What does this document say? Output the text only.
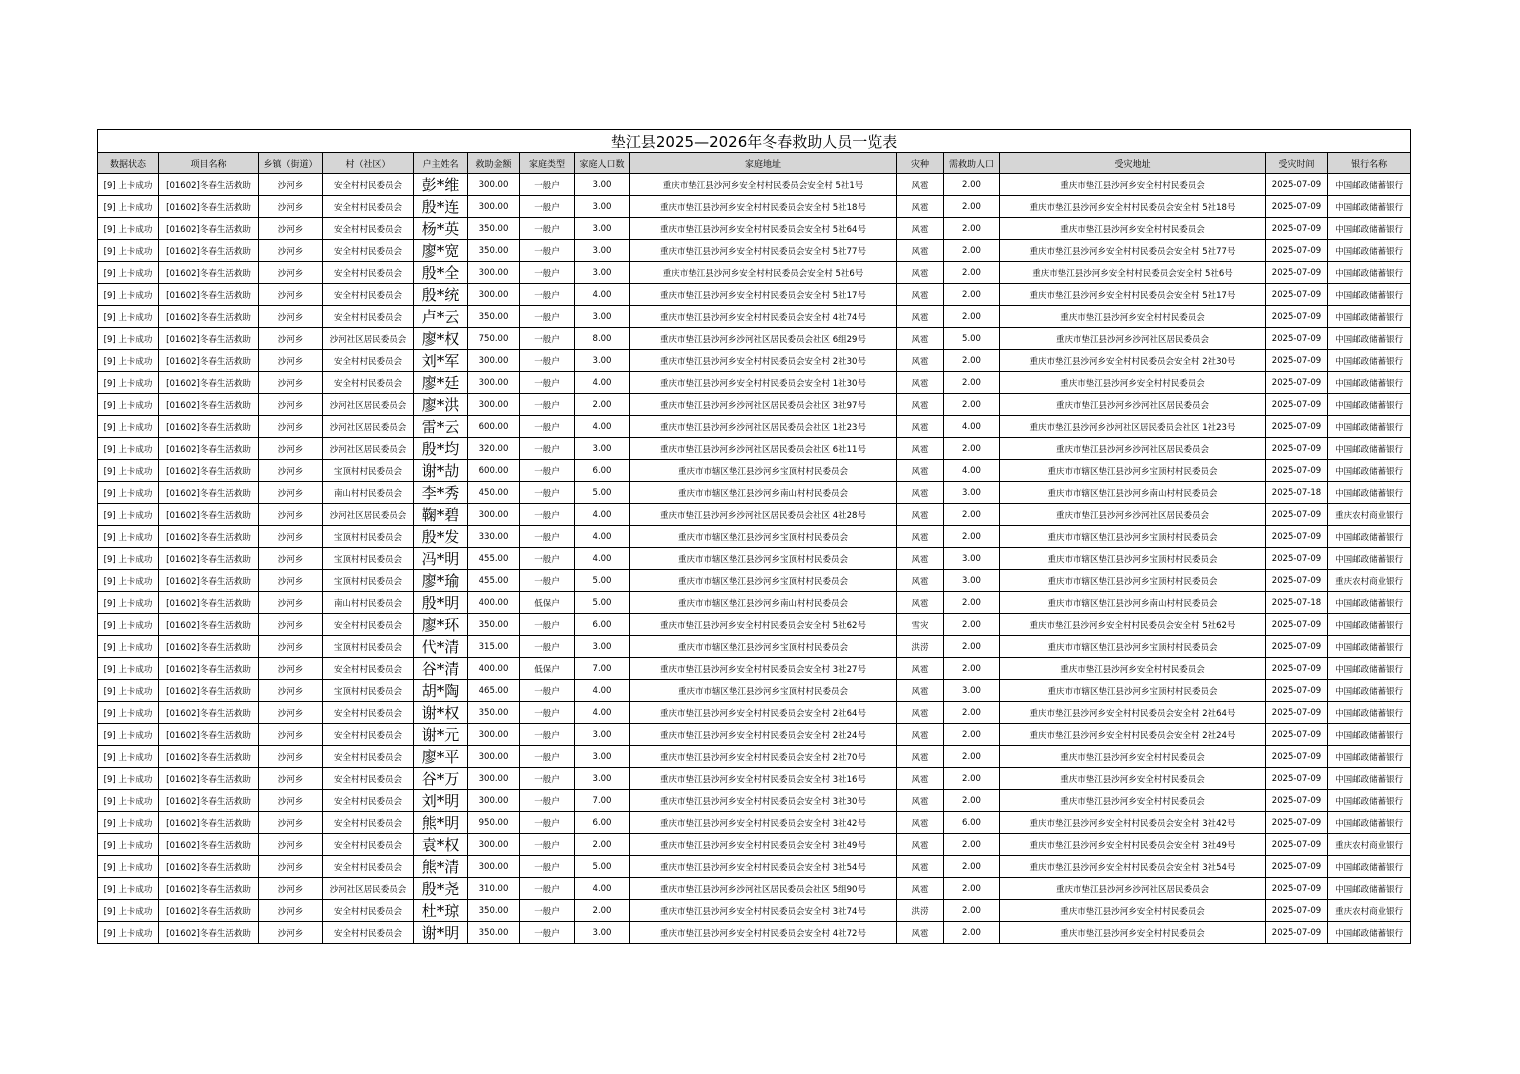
垫江县2025—2026年冬春救助人员一览表													
数据状态	项目名称	乡镇（街道）	村（社区）	户主姓名	救助金额	家庭类型	家庭人口数	家庭地址	灾种	需救助人口	受灾地址	受灾时间	银行名称
[9] 上卡成功	[01602]冬春生活救助	沙河乡	安全村村民委员会	彭*维	300.00	一般户	3.00	重庆市垫江县沙河乡安全村村民委员会安全村 5社1号	风雹	2.00	重庆市垫江县沙河乡安全村村民委员会	2025-07-09	中国邮政储蓄银行
[9] 上卡成功	[01602]冬春生活救助	沙河乡	安全村村民委员会	殷*连	300.00	一般户	3.00	重庆市垫江县沙河乡安全村村民委员会安全村 5社18号	风雹	2.00	重庆市垫江县沙河乡安全村村民委员会安全村 5社18号	2025-07-09	中国邮政储蓄银行
[9] 上卡成功	[01602]冬春生活救助	沙河乡	安全村村民委员会	杨*英	350.00	一般户	3.00	重庆市垫江县沙河乡安全村村民委员会安全村 5社64号	风雹	2.00	重庆市垫江县沙河乡安全村村民委员会	2025-07-09	中国邮政储蓄银行
[9] 上卡成功	[01602]冬春生活救助	沙河乡	安全村村民委员会	廖*宽	350.00	一般户	3.00	重庆市垫江县沙河乡安全村村民委员会安全村 5社77号	风雹	2.00	重庆市垫江县沙河乡安全村村民委员会安全村 5社77号	2025-07-09	中国邮政储蓄银行
[9] 上卡成功	[01602]冬春生活救助	沙河乡	安全村村民委员会	殷*全	300.00	一般户	3.00	重庆市垫江县沙河乡安全村村民委员会安全村 5社6号	风雹	2.00	重庆市垫江县沙河乡安全村村民委员会安全村 5社6号	2025-07-09	中国邮政储蓄银行
[9] 上卡成功	[01602]冬春生活救助	沙河乡	安全村村民委员会	殷*统	300.00	一般户	4.00	重庆市垫江县沙河乡安全村村民委员会安全村 5社17号	风雹	2.00	重庆市垫江县沙河乡安全村村民委员会安全村 5社17号	2025-07-09	中国邮政储蓄银行
[9] 上卡成功	[01602]冬春生活救助	沙河乡	安全村村民委员会	卢*云	350.00	一般户	3.00	重庆市垫江县沙河乡安全村村民委员会安全村 4社74号	风雹	2.00	重庆市垫江县沙河乡安全村村民委员会	2025-07-09	中国邮政储蓄银行
[9] 上卡成功	[01602]冬春生活救助	沙河乡	沙河社区居民委员会	廖*权	750.00	一般户	8.00	重庆市垫江县沙河乡沙河社区居民委员会社区 6组29号	风雹	5.00	重庆市垫江县沙河乡沙河社区居民委员会	2025-07-09	中国邮政储蓄银行
[9] 上卡成功	[01602]冬春生活救助	沙河乡	安全村村民委员会	刘*军	300.00	一般户	3.00	重庆市垫江县沙河乡安全村村民委员会安全村 2社30号	风雹	2.00	重庆市垫江县沙河乡安全村村民委员会安全村 2社30号	2025-07-09	中国邮政储蓄银行
[9] 上卡成功	[01602]冬春生活救助	沙河乡	安全村村民委员会	廖*廷	300.00	一般户	4.00	重庆市垫江县沙河乡安全村村民委员会安全村 1社30号	风雹	2.00	重庆市垫江县沙河乡安全村村民委员会	2025-07-09	中国邮政储蓄银行
[9] 上卡成功	[01602]冬春生活救助	沙河乡	沙河社区居民委员会	廖*洪	300.00	一般户	2.00	重庆市垫江县沙河乡沙河社区居民委员会社区 3社97号	风雹	2.00	重庆市垫江县沙河乡沙河社区居民委员会	2025-07-09	中国邮政储蓄银行
[9] 上卡成功	[01602]冬春生活救助	沙河乡	沙河社区居民委员会	雷*云	600.00	一般户	4.00	重庆市垫江县沙河乡沙河社区居民委员会社区 1社23号	风雹	4.00	重庆市垫江县沙河乡沙河社区居民委员会社区 1社23号	2025-07-09	中国邮政储蓄银行
[9] 上卡成功	[01602]冬春生活救助	沙河乡	沙河社区居民委员会	殷*均	320.00	一般户	3.00	重庆市垫江县沙河乡沙河社区居民委员会社区 6社11号	风雹	2.00	重庆市垫江县沙河乡沙河社区居民委员会	2025-07-09	中国邮政储蓄银行
[9] 上卡成功	[01602]冬春生活救助	沙河乡	宝顶村村民委员会	谢*劼	600.00	一般户	6.00	重庆市市辖区垫江县沙河乡宝顶村村民委员会	风雹	4.00	重庆市市辖区垫江县沙河乡宝顶村村民委员会	2025-07-09	中国邮政储蓄银行
[9] 上卡成功	[01602]冬春生活救助	沙河乡	南山村村民委员会	李*秀	450.00	一般户	5.00	重庆市市辖区垫江县沙河乡南山村村民委员会	风雹	3.00	重庆市市辖区垫江县沙河乡南山村村民委员会	2025-07-18	中国邮政储蓄银行
[9] 上卡成功	[01602]冬春生活救助	沙河乡	沙河社区居民委员会	鞠*碧	300.00	一般户	4.00	重庆市垫江县沙河乡沙河社区居民委员会社区 4社28号	风雹	2.00	重庆市垫江县沙河乡沙河社区居民委员会	2025-07-09	重庆农村商业银行
[9] 上卡成功	[01602]冬春生活救助	沙河乡	宝顶村村民委员会	殷*发	330.00	一般户	4.00	重庆市市辖区垫江县沙河乡宝顶村村民委员会	风雹	2.00	重庆市市辖区垫江县沙河乡宝顶村村民委员会	2025-07-09	中国邮政储蓄银行
[9] 上卡成功	[01602]冬春生活救助	沙河乡	宝顶村村民委员会	冯*明	455.00	一般户	4.00	重庆市市辖区垫江县沙河乡宝顶村村民委员会	风雹	3.00	重庆市市辖区垫江县沙河乡宝顶村村民委员会	2025-07-09	中国邮政储蓄银行
[9] 上卡成功	[01602]冬春生活救助	沙河乡	宝顶村村民委员会	廖*瑜	455.00	一般户	5.00	重庆市市辖区垫江县沙河乡宝顶村村民委员会	风雹	3.00	重庆市市辖区垫江县沙河乡宝顶村村民委员会	2025-07-09	重庆农村商业银行
[9] 上卡成功	[01602]冬春生活救助	沙河乡	南山村村民委员会	殷*明	400.00	低保户	5.00	重庆市市辖区垫江县沙河乡南山村村民委员会	风雹	2.00	重庆市市辖区垫江县沙河乡南山村村民委员会	2025-07-18	中国邮政储蓄银行
[9] 上卡成功	[01602]冬春生活救助	沙河乡	安全村村民委员会	廖*环	350.00	一般户	6.00	重庆市垫江县沙河乡安全村村民委员会安全村 5社62号	雪灾	2.00	重庆市垫江县沙河乡安全村村民委员会安全村 5社62号	2025-07-09	中国邮政储蓄银行
[9] 上卡成功	[01602]冬春生活救助	沙河乡	宝顶村村民委员会	代*清	315.00	一般户	3.00	重庆市市辖区垫江县沙河乡宝顶村村民委员会	洪涝	2.00	重庆市市辖区垫江县沙河乡宝顶村村民委员会	2025-07-09	中国邮政储蓄银行
[9] 上卡成功	[01602]冬春生活救助	沙河乡	安全村村民委员会	谷*清	400.00	低保户	7.00	重庆市垫江县沙河乡安全村村民委员会安全村 3社27号	风雹	2.00	重庆市垫江县沙河乡安全村村民委员会	2025-07-09	中国邮政储蓄银行
[9] 上卡成功	[01602]冬春生活救助	沙河乡	宝顶村村民委员会	胡*陶	465.00	一般户	4.00	重庆市市辖区垫江县沙河乡宝顶村村民委员会	风雹	3.00	重庆市市辖区垫江县沙河乡宝顶村村民委员会	2025-07-09	中国邮政储蓄银行
[9] 上卡成功	[01602]冬春生活救助	沙河乡	安全村村民委员会	谢*权	350.00	一般户	4.00	重庆市垫江县沙河乡安全村村民委员会安全村 2社64号	风雹	2.00	重庆市垫江县沙河乡安全村村民委员会安全村 2社64号	2025-07-09	中国邮政储蓄银行
[9] 上卡成功	[01602]冬春生活救助	沙河乡	安全村村民委员会	谢*元	300.00	一般户	3.00	重庆市垫江县沙河乡安全村村民委员会安全村 2社24号	风雹	2.00	重庆市垫江县沙河乡安全村村民委员会安全村 2社24号	2025-07-09	中国邮政储蓄银行
[9] 上卡成功	[01602]冬春生活救助	沙河乡	安全村村民委员会	廖*平	300.00	一般户	3.00	重庆市垫江县沙河乡安全村村民委员会安全村 2社70号	风雹	2.00	重庆市垫江县沙河乡安全村村民委员会	2025-07-09	中国邮政储蓄银行
[9] 上卡成功	[01602]冬春生活救助	沙河乡	安全村村民委员会	谷*万	300.00	一般户	3.00	重庆市垫江县沙河乡安全村村民委员会安全村 3社16号	风雹	2.00	重庆市垫江县沙河乡安全村村民委员会	2025-07-09	中国邮政储蓄银行
[9] 上卡成功	[01602]冬春生活救助	沙河乡	安全村村民委员会	刘*明	300.00	一般户	7.00	重庆市垫江县沙河乡安全村村民委员会安全村 3社30号	风雹	2.00	重庆市垫江县沙河乡安全村村民委员会	2025-07-09	中国邮政储蓄银行
[9] 上卡成功	[01602]冬春生活救助	沙河乡	安全村村民委员会	熊*明	950.00	一般户	6.00	重庆市垫江县沙河乡安全村村民委员会安全村 3社42号	风雹	6.00	重庆市垫江县沙河乡安全村村民委员会安全村 3社42号	2025-07-09	中国邮政储蓄银行
[9] 上卡成功	[01602]冬春生活救助	沙河乡	安全村村民委员会	袁*权	300.00	一般户	2.00	重庆市垫江县沙河乡安全村村民委员会安全村 3社49号	风雹	2.00	重庆市垫江县沙河乡安全村村民委员会安全村 3社49号	2025-07-09	重庆农村商业银行
[9] 上卡成功	[01602]冬春生活救助	沙河乡	安全村村民委员会	熊*清	300.00	一般户	5.00	重庆市垫江县沙河乡安全村村民委员会安全村 3社54号	风雹	2.00	重庆市垫江县沙河乡安全村村民委员会安全村 3社54号	2025-07-09	中国邮政储蓄银行
[9] 上卡成功	[01602]冬春生活救助	沙河乡	沙河社区居民委员会	殷*尧	310.00	一般户	4.00	重庆市垫江县沙河乡沙河社区居民委员会社区 5组90号	风雹	2.00	重庆市垫江县沙河乡沙河社区居民委员会	2025-07-09	中国邮政储蓄银行
[9] 上卡成功	[01602]冬春生活救助	沙河乡	安全村村民委员会	杜*琼	350.00	一般户	2.00	重庆市垫江县沙河乡安全村村民委员会安全村 3社74号	洪涝	2.00	重庆市垫江县沙河乡安全村村民委员会	2025-07-09	重庆农村商业银行
[9] 上卡成功	[01602]冬春生活救助	沙河乡	安全村村民委员会	谢*明	350.00	一般户	3.00	重庆市垫江县沙河乡安全村村民委员会安全村 4社72号	风雹	2.00	重庆市垫江县沙河乡安全村村民委员会	2025-07-09	中国邮政储蓄银行
